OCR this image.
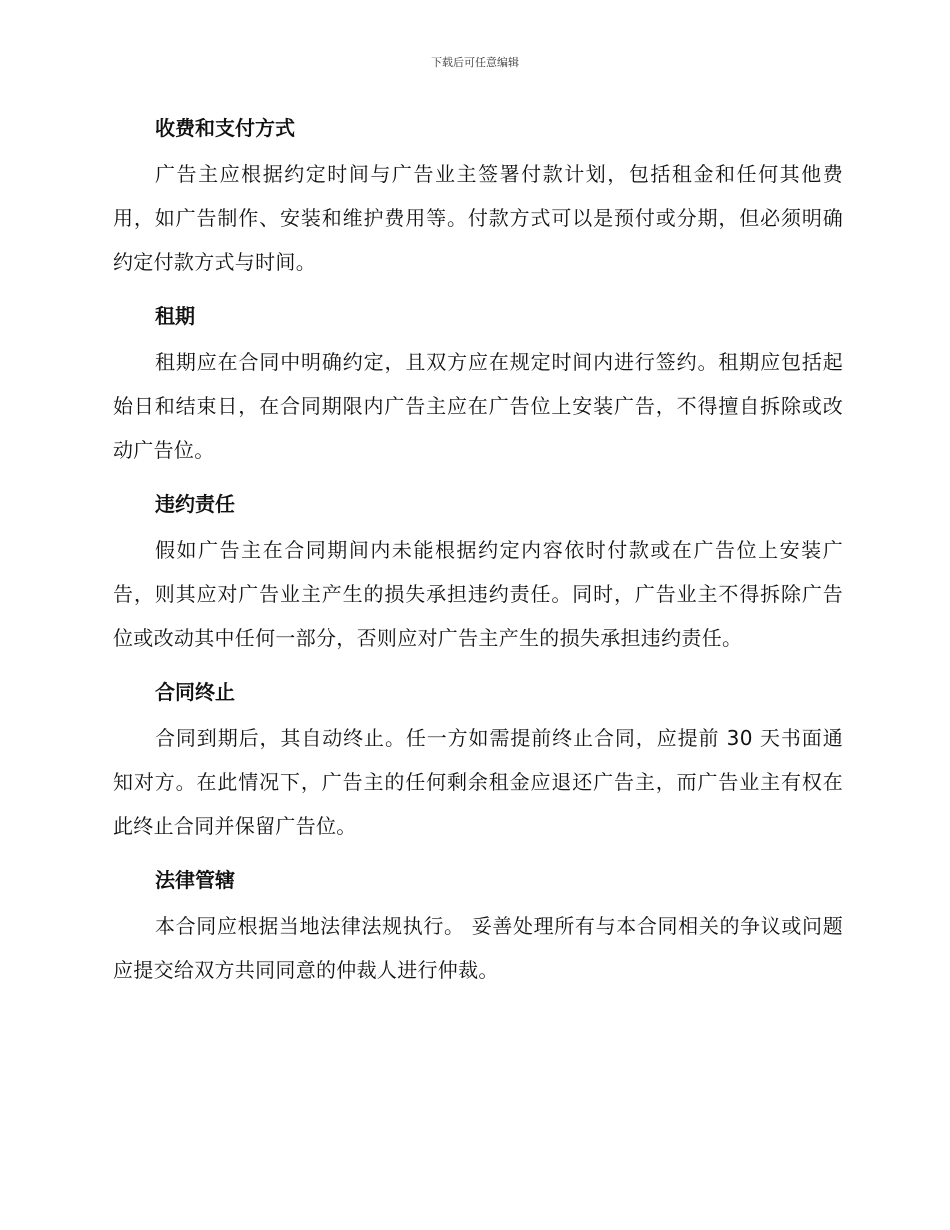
下载后可任意编辑
收费和支付方式

广告主应根据约定时间与广告业主签署付款计划，包括租金和任何其他费用，如广告制作、安装和维护费用等。付款方式可以是预付或分期，但必须明确约定付款方式与时间。

租期

租期应在合同中明确约定，且双方应在规定时间内进行签约。租期应包括起始日和结束日，在合同期限内广告主应在广告位上安装广告，不得擅自拆除或改动广告位。

违约责任

假如广告主在合同期间内未能根据约定内容依时付款或在广告位上安装广告，则其应对广告业主产生的损失承担违约责任。同时，广告业主不得拆除广告位或改动其中任何一部分，否则应对广告主产生的损失承担违约责任。

合同终止

合同到期后，其自动终止。任一方如需提前终止合同，应提前 30 天书面通知对方。在此情况下，广告主的任何剩余租金应退还广告主，而广告业主有权在此终止合同并保留广告位。

法律管辖

本合同应根据当地法律法规执行。 妥善处理所有与本合同相关的争议或问题应提交给双方共同同意的仲裁人进行仲裁。
